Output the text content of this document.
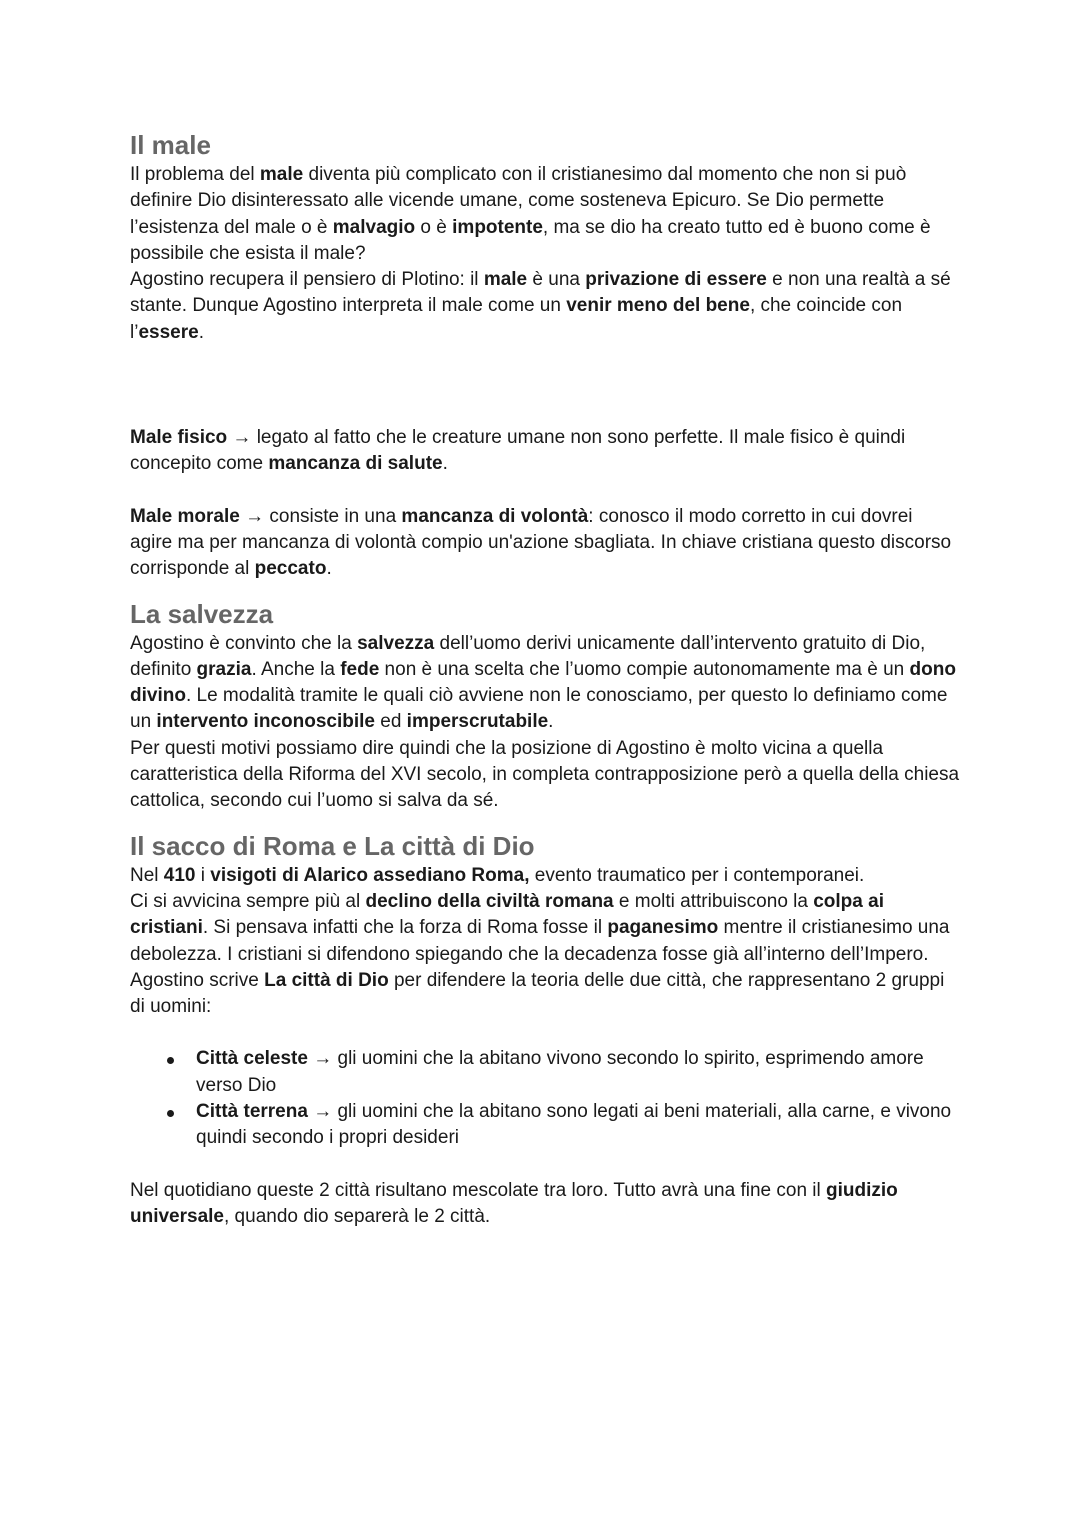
Il male

Il problema del male diventa più complicato con il cristianesimo dal momento che non si può definire Dio disinteressato alle vicende umane, come sosteneva Epicuro. Se Dio permette l’esistenza del male o è malvagio o è impotente, ma se dio ha creato tutto ed è buono come è possibile che esista il male?

Agostino recupera il pensiero di Plotino: il male è una privazione di essere e non una realtà a sé stante. Dunque Agostino interpreta il male come un venir meno del bene, che coincide con l’essere.

Male fisico → legato al fatto che le creature umane non sono perfette. Il male fisico è quindi concepito come mancanza di salute.

Male morale → consiste in una mancanza di volontà: conosco il modo corretto in cui dovrei agire ma per mancanza di volontà compio un'azione sbagliata. In chiave cristiana questo discorso corrisponde al peccato.

La salvezza

Agostino è convinto che la salvezza dell’uomo derivi unicamente dall’intervento gratuito di Dio, definito grazia. Anche la fede non è una scelta che l’uomo compie autonomamente ma è un dono divino. Le modalità tramite le quali ciò avviene non le conosciamo, per questo lo definiamo come un intervento inconoscibile ed imperscrutabile.

Per questi motivi possiamo dire quindi che la posizione di Agostino è molto vicina a quella caratteristica della Riforma del XVI secolo, in completa contrapposizione però a quella della chiesa cattolica, secondo cui l’uomo si salva da sé.

Il sacco di Roma e La città di Dio

Nel 410 i visigoti di Alarico assediano Roma, evento traumatico per i contemporanei.

Ci si avvicina sempre più al declino della civiltà romana e molti attribuiscono la colpa ai cristiani. Si pensava infatti che la forza di Roma fosse il paganesimo mentre il cristianesimo una debolezza. I cristiani si difendono spiegando che la decadenza fosse già all’interno dell’Impero. Agostino scrive La città di Dio per difendere la teoria delle due città, che rappresentano 2 gruppi di uomini:

Città celeste → gli uomini che la abitano vivono secondo lo spirito, esprimendo amore verso Dio
Città terrena → gli uomini che la abitano sono legati ai beni materiali, alla carne, e vivono quindi secondo i propri desideri

Nel quotidiano queste 2 città risultano mescolate tra loro. Tutto avrà una fine con il giudizio universale, quando dio separerà le 2 città.
